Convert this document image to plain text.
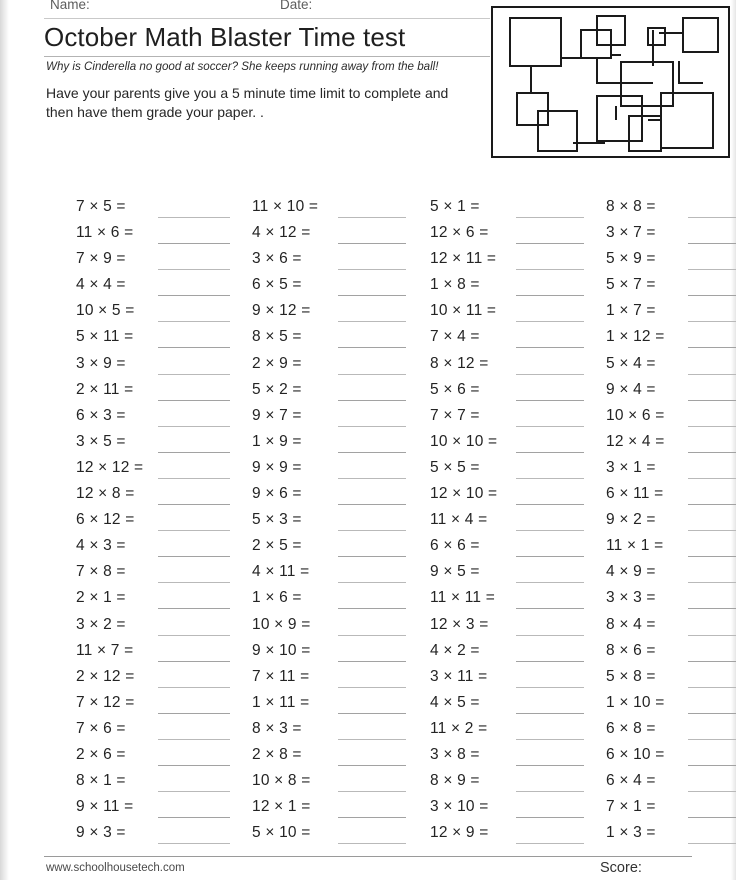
Name:	Date:
October Math Blaster Time test
Why is Cinderella no good at soccer? She keeps running away from the ball!
Have your parents give you a 5 minute time limit to complete and then have them grade your paper. .
7 × 5 =
11 × 6 =
7 × 9 =
4 × 4 =
10 × 5 =
5 × 11 =
3 × 9 =
2 × 11 =
6 × 3 =
3 × 5 =
12 × 12 =
12 × 8 =
6 × 12 =
4 × 3 =
7 × 8 =
2 × 1 =
3 × 2 =
11 × 7 =
2 × 12 =
7 × 12 =
7 × 6 =
2 × 6 =
8 × 1 =
9 × 11 =
9 × 3 =
11 × 10 =
4 × 12 =
3 × 6 =
6 × 5 =
9 × 12 =
8 × 5 =
2 × 9 =
5 × 2 =
9 × 7 =
1 × 9 =
9 × 9 =
9 × 6 =
5 × 3 =
2 × 5 =
4 × 11 =
1 × 6 =
10 × 9 =
9 × 10 =
7 × 11 =
1 × 11 =
8 × 3 =
2 × 8 =
10 × 8 =
12 × 1 =
5 × 10 =
5 × 1 =
12 × 6 =
12 × 11 =
1 × 8 =
10 × 11 =
7 × 4 =
8 × 12 =
5 × 6 =
7 × 7 =
10 × 10 =
5 × 5 =
12 × 10 =
11 × 4 =
6 × 6 =
9 × 5 =
11 × 11 =
12 × 3 =
4 × 2 =
3 × 11 =
4 × 5 =
11 × 2 =
3 × 8 =
8 × 9 =
3 × 10 =
12 × 9 =
8 × 8 =
3 × 7 =
5 × 9 =
5 × 7 =
1 × 7 =
1 × 12 =
5 × 4 =
9 × 4 =
10 × 6 =
12 × 4 =
3 × 1 =
6 × 11 =
9 × 2 =
11 × 1 =
4 × 9 =
3 × 3 =
8 × 4 =
8 × 6 =
5 × 8 =
1 × 10 =
6 × 8 =
6 × 10 =
6 × 4 =
7 × 1 =
1 × 3 =
www.schoolhousetech.com	Score:
